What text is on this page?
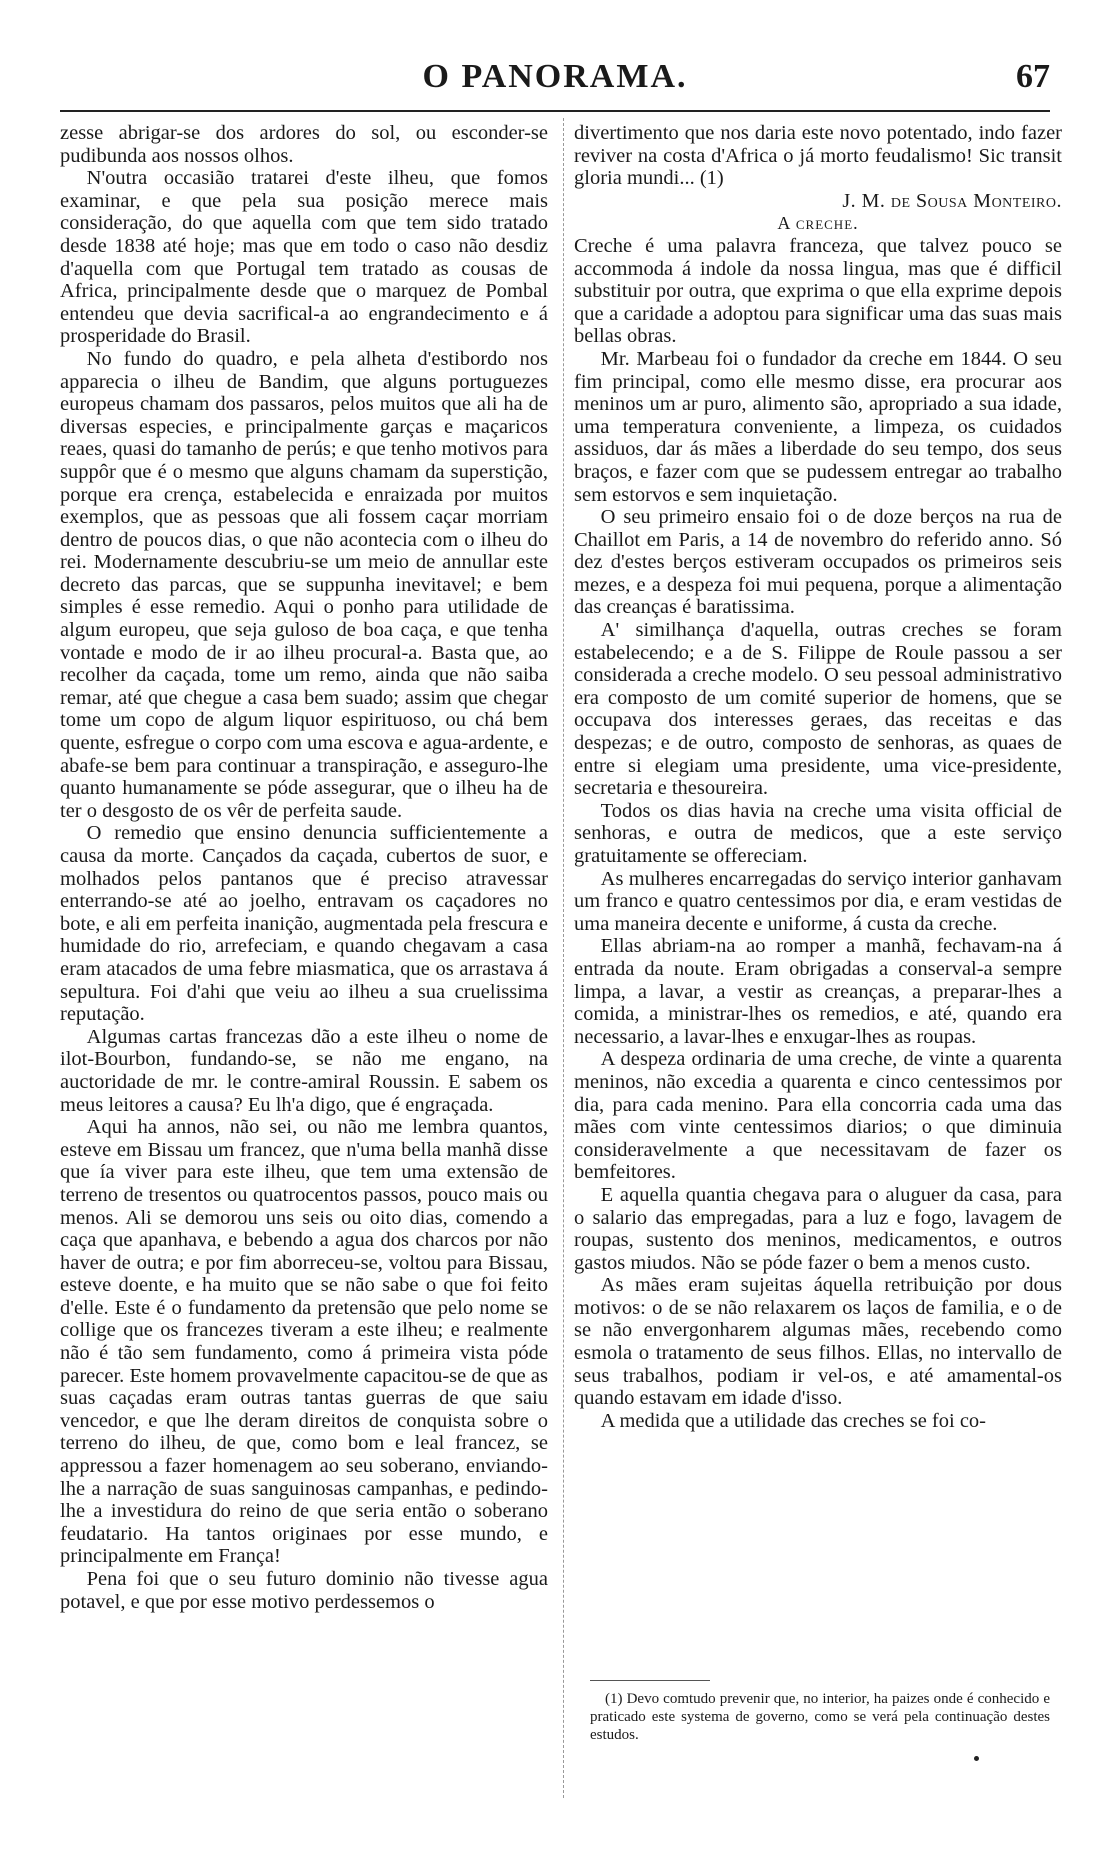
O PANORAMA.	67

zesse abrigar-se dos ardores do sol, ou esconder-se pudibunda aos nossos olhos.

N'outra occasião tratarei d'este ilheu, que fomos examinar, e que pela sua posição merece mais consideração, do que aquella com que tem sido tratado desde 1838 até hoje; mas que em todo o caso não desdiz d'aquella com que Portugal tem tratado as cousas de Africa, principalmente desde que o marquez de Pombal entendeu que devia sacrifical-a ao engrandecimento e á prosperidade do Brasil.

No fundo do quadro, e pela alheta d'estibordo nos apparecia o ilheu de Bandim, que alguns portuguezes europeus chamam dos passaros, pelos muitos que ali ha de diversas especies, e principalmente garças e maçaricos reaes, quasi do tamanho de perús; e que tenho motivos para suppôr que é o mesmo que alguns chamam da superstição, porque era crença, estabelecida e enraizada por muitos exemplos, que as pessoas que ali fossem caçar morriam dentro de poucos dias, o que não acontecia com o ilheu do rei. Modernamente descubriu-se um meio de annullar este decreto das parcas, que se suppunha inevitavel; e bem simples é esse remedio. Aqui o ponho para utilidade de algum europeu, que seja guloso de boa caça, e que tenha vontade e modo de ir ao ilheu procural-a. Basta que, ao recolher da caçada, tome um remo, ainda que não saiba remar, até que chegue a casa bem suado; assim que chegar tome um copo de algum liquor espirituoso, ou chá bem quente, esfregue o corpo com uma escova e agua-ardente, e abafe-se bem para continuar a transpiração, e asseguro-lhe quanto humanamente se póde assegurar, que o ilheu ha de ter o desgosto de os vêr de perfeita saude.

O remedio que ensino denuncia sufficientemente a causa da morte. Cançados da caçada, cubertos de suor, e molhados pelos pantanos que é preciso atravessar enterrando-se até ao joelho, entravam os caçadores no bote, e ali em perfeita inanição, augmentada pela frescura e humidade do rio, arrefeciam, e quando chegavam a casa eram atacados de uma febre miasmatica, que os arrastava á sepultura. Foi d'ahi que veiu ao ilheu a sua cruelissima reputação.

Algumas cartas francezas dão a este ilheu o nome de ilot-Bourbon, fundando-se, se não me engano, na auctoridade de mr. le contre-amiral Roussin. E sabem os meus leitores a causa? Eu lh'a digo, que é engraçada.

Aqui ha annos, não sei, ou não me lembra quantos, esteve em Bissau um francez, que n'uma bella manhã disse que ía viver para este ilheu, que tem uma extensão de terreno de tresentos ou quatrocentos passos, pouco mais ou menos. Ali se demorou uns seis ou oito dias, comendo a caça que apanhava, e bebendo a agua dos charcos por não haver de outra; e por fim aborreceu-se, voltou para Bissau, esteve doente, e ha muito que se não sabe o que foi feito d'elle. Este é o fundamento da pretensão que pelo nome se collige que os francezes tiveram a este ilheu; e realmente não é tão sem fundamento, como á primeira vista póde parecer. Este homem provavelmente capacitou-se de que as suas caçadas eram outras tantas guerras de que saiu vencedor, e que lhe deram direitos de conquista sobre o terreno do ilheu, de que, como bom e leal francez, se appressou a fazer homenagem ao seu soberano, enviando-lhe a narração de suas sanguinosas campanhas, e pedindo-lhe a investidura do reino de que seria então o soberano feudatario. Ha tantos originaes por esse mundo, e principalmente em França!

Pena foi que o seu futuro dominio não tivesse agua potavel, e que por esse motivo perdessemos o

divertimento que nos daria este novo potentado, indo fazer reviver na costa d'Africa o já morto feudalismo! Sic transit gloria mundi... (1)

J. M. de Sousa Monteiro.

A creche.

Creche é uma palavra franceza, que talvez pouco se accommoda á indole da nossa lingua, mas que é difficil substituir por outra, que exprima o que ella exprime depois que a caridade a adoptou para significar uma das suas mais bellas obras.

Mr. Marbeau foi o fundador da creche em 1844. O seu fim principal, como elle mesmo disse, era procurar aos meninos um ar puro, alimento são, apropriado a sua idade, uma temperatura conveniente, a limpeza, os cuidados assiduos, dar ás mães a liberdade do seu tempo, dos seus braços, e fazer com que se pudessem entregar ao trabalho sem estorvos e sem inquietação.

O seu primeiro ensaio foi o de doze berços na rua de Chaillot em Paris, a 14 de novembro do referido anno. Só dez d'estes berços estiveram occupados os primeiros seis mezes, e a despeza foi mui pequena, porque a alimentação das creanças é baratissima.

A' similhança d'aquella, outras creches se foram estabelecendo; e a de S. Filippe de Roule passou a ser considerada a creche modelo. O seu pessoal administrativo era composto de um comité superior de homens, que se occupava dos interesses geraes, das receitas e das despezas; e de outro, composto de senhoras, as quaes de entre si elegiam uma presidente, uma vice-presidente, secretaria e thesoureira.

Todos os dias havia na creche uma visita official de senhoras, e outra de medicos, que a este serviço gratuitamente se offereciam.

As mulheres encarregadas do serviço interior ganhavam um franco e quatro centessimos por dia, e eram vestidas de uma maneira decente e uniforme, á custa da creche.

Ellas abriam-na ao romper a manhã, fechavam-na á entrada da noute. Eram obrigadas a conserval-a sempre limpa, a lavar, a vestir as creanças, a preparar-lhes a comida, a ministrar-lhes os remedios, e até, quando era necessario, a lavar-lhes e enxugar-lhes as roupas.

A despeza ordinaria de uma creche, de vinte a quarenta meninos, não excedia a quarenta e cinco centessimos por dia, para cada menino. Para ella concorria cada uma das mães com vinte centessimos diarios; o que diminuia consideravelmente a que necessitavam de fazer os bemfeitores.

E aquella quantia chegava para o aluguer da casa, para o salario das empregadas, para a luz e fogo, lavagem de roupas, sustento dos meninos, medicamentos, e outros gastos miudos. Não se póde fazer o bem a menos custo.

As mães eram sujeitas áquella retribuição por dous motivos: o de se não relaxarem os laços de familia, e o de se não envergonharem algumas mães, recebendo como esmola o tratamento de seus filhos. Ellas, no intervallo de seus trabalhos, podiam ir vel-os, e até amamental-os quando estavam em idade d'isso.

A medida que a utilidade das creches se foi co-

(1) Devo comtudo prevenir que, no interior, ha paizes onde é conhecido e praticado este systema de governo, como se verá pela continuação destes estudos.
